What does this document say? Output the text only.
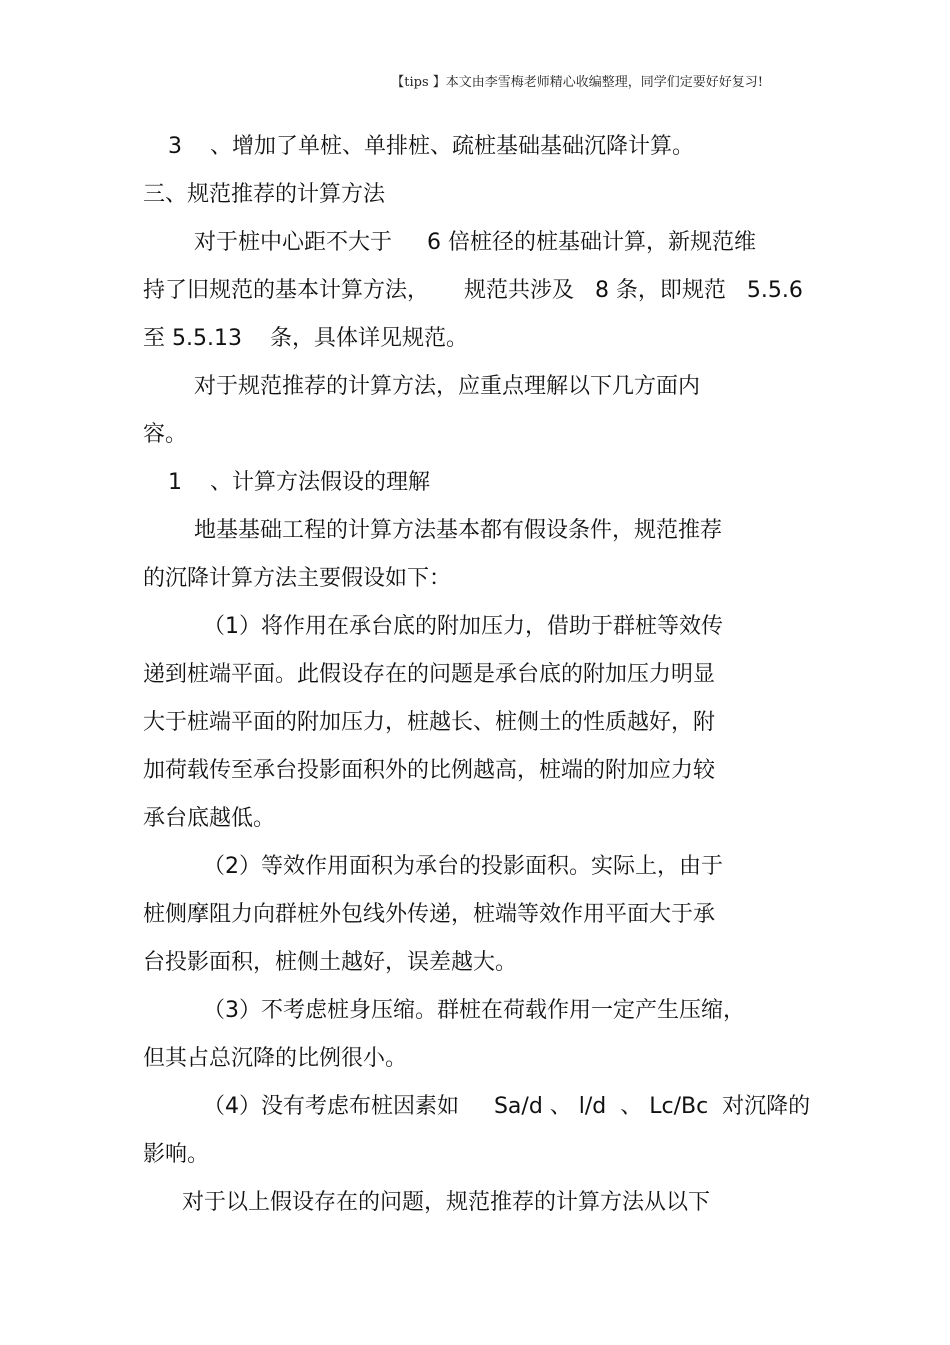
【tips 】本文由李雪梅老师精心收编整理，同学们定要好好复习!
3    、增加了单桩、单排桩、疏桩基础基础沉降计算。
三、规范推荐的计算方法
对于桩中心距不大于     6 倍桩径的桩基础计算，新规范维
持了旧规范的基本计算方法，     规范共涉及   8 条，即规范   5.5.6
至 5.5.13    条，具体详见规范。
对于规范推荐的计算方法，应重点理解以下几方面内
容。
1    、计算方法假设的理解
地基基础工程的计算方法基本都有假设条件，规范推荐
的沉降计算方法主要假设如下：
（1）将作用在承台底的附加压力，借助于群桩等效传
递到桩端平面。此假设存在的问题是承台底的附加压力明显
大于桩端平面的附加压力，桩越长、桩侧土的性质越好，附
加荷载传至承台投影面积外的比例越高，桩端的附加应力较
承台底越低。
（2）等效作用面积为承台的投影面积。实际上，由于
桩侧摩阻力向群桩外包线外传递，桩端等效作用平面大于承
台投影面积，桩侧土越好，误差越大。
（3）不考虑桩身压缩。群桩在荷载作用一定产生压缩，
但其占总沉降的比例很小。
（4）没有考虑布桩因素如     Sa/d 、 l/d  、 Lc/Bc  对沉降的
影响。
对于以上假设存在的问题，规范推荐的计算方法从以下
